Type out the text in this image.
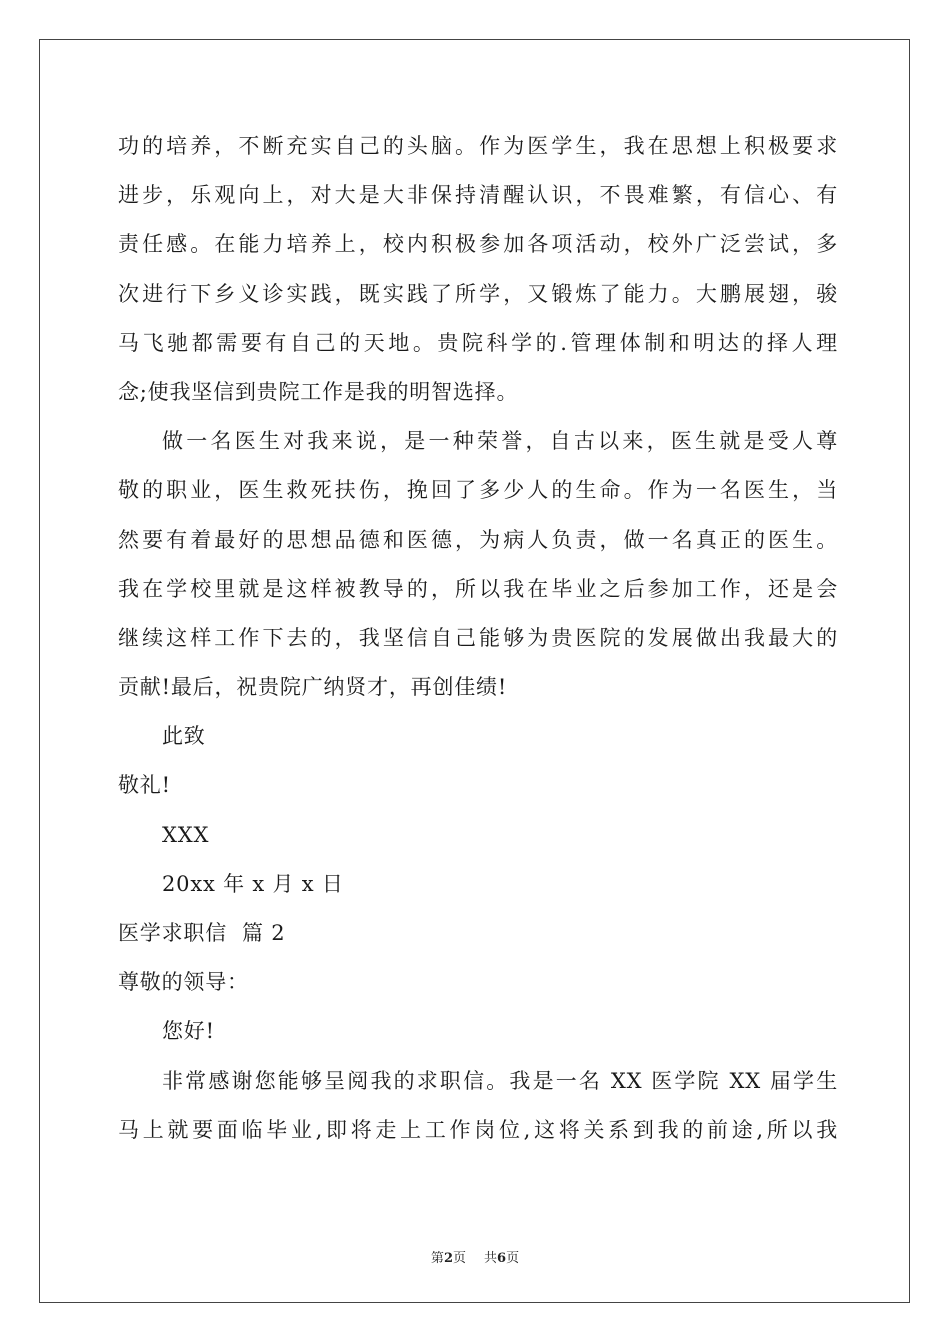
功的培养，不断充实自己的头脑。作为医学生，我在思想上积极要求
进步，乐观向上，对大是大非保持清醒认识，不畏难繁，有信心、有
责任感。在能力培养上，校内积极参加各项活动，校外广泛尝试，多
次进行下乡义诊实践，既实践了所学，又锻炼了能力。大鹏展翅，骏
马飞驰都需要有自己的天地。贵院科学的.管理体制和明达的择人理
念;使我坚信到贵院工作是我的明智选择。
做一名医生对我来说，是一种荣誉，自古以来，医生就是受人尊
敬的职业，医生救死扶伤，挽回了多少人的生命。作为一名医生，当
然要有着最好的思想品德和医德，为病人负责，做一名真正的医生。
我在学校里就是这样被教导的，所以我在毕业之后参加工作，还是会
继续这样工作下去的，我坚信自己能够为贵医院的发展做出我最大的
贡献!最后，祝贵院广纳贤才，再创佳绩!
此致
敬礼!
XXX
20xx 年 x 月 x 日
医学求职信  篇 2
尊敬的领导：
您好!
非常感谢您能够呈阅我的求职信。我是一名 XX 医学院 XX 届学生
马上就要面临毕业,即将走上工作岗位,这将关系到我的前途,所以我
第2页 共6页
